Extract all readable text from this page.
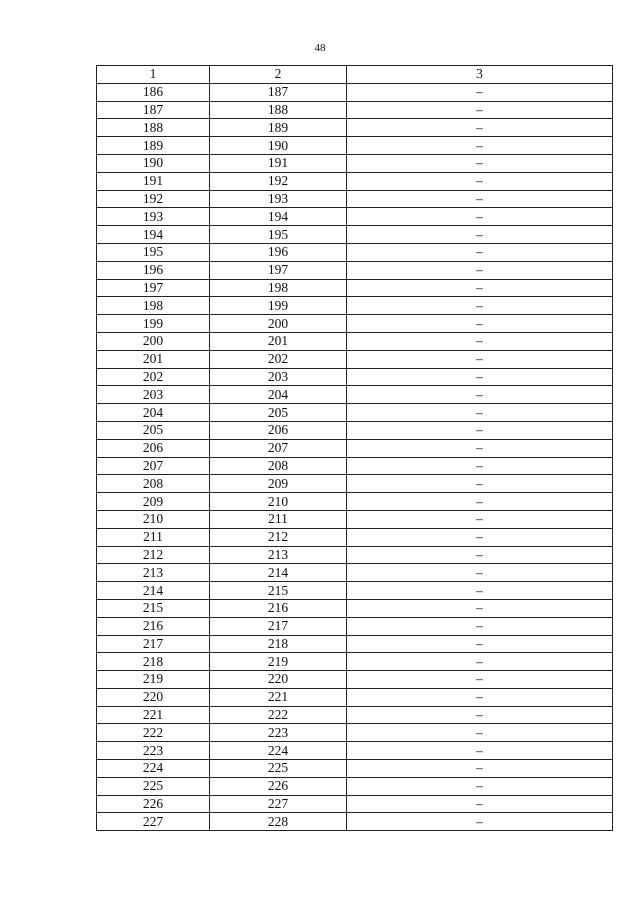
48
1	2	3
186	187	–
187	188	–
188	189	–
189	190	–
190	191	–
191	192	–
192	193	–
193	194	–
194	195	–
195	196	–
196	197	–
197	198	–
198	199	–
199	200	–
200	201	–
201	202	–
202	203	–
203	204	–
204	205	–
205	206	–
206	207	–
207	208	–
208	209	–
209	210	–
210	211	–
211	212	–
212	213	–
213	214	–
214	215	–
215	216	–
216	217	–
217	218	–
218	219	–
219	220	–
220	221	–
221	222	–
222	223	–
223	224	–
224	225	–
225	226	–
226	227	–
227	228	–
